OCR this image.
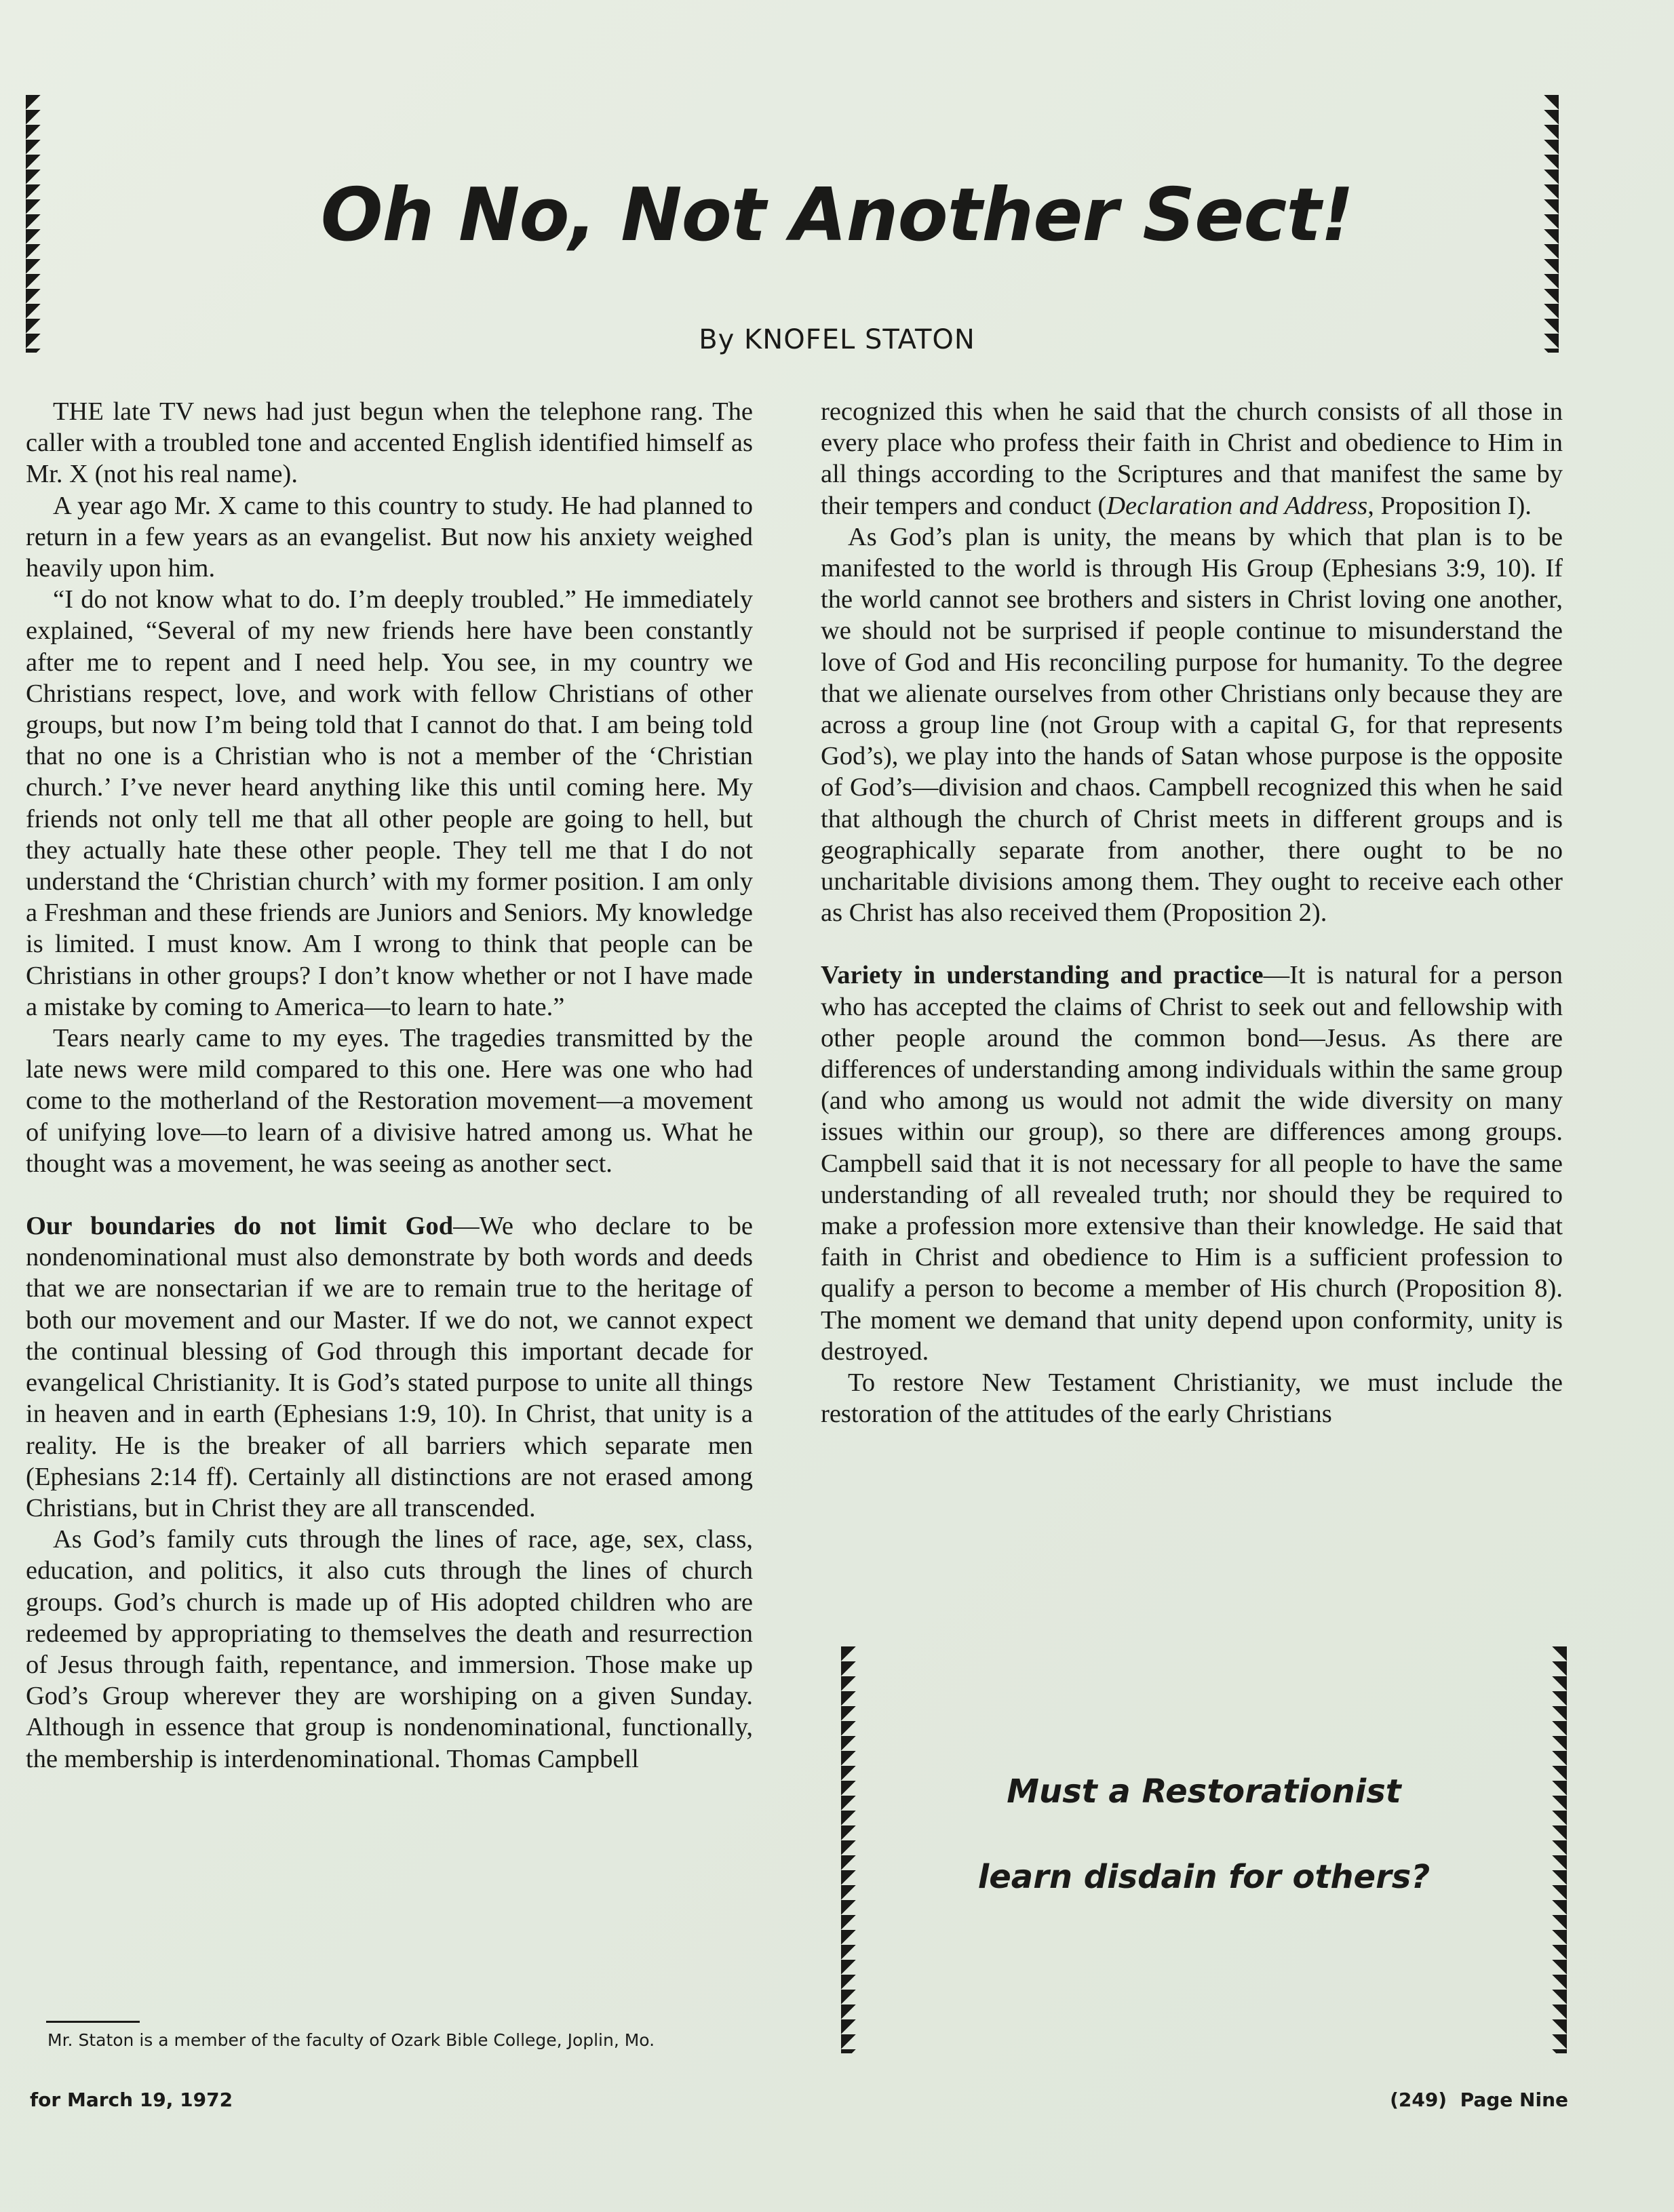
Oh No, Not Another Sect!
By KNOFEL STATON

THE late TV news had just begun when the telephone rang. The caller with a troubled tone and accented English identified himself as Mr. X (not his real name).

A year ago Mr. X came to this country to study. He had planned to return in a few years as an evangelist. But now his anxiety weighed heavily upon him.

“I do not know what to do. I’m deeply troubled.” He immediately explained, “Several of my new friends here have been constantly after me to repent and I need help. You see, in my country we Christians respect, love, and work with fellow Christians of other groups, but now I’m being told that I cannot do that. I am being told that no one is a Christian who is not a member of the ‘Christian church.’ I’ve never heard anything like this until coming here. My friends not only tell me that all other people are going to hell, but they actually hate these other people. They tell me that I do not understand the ‘Christian church’ with my former position. I am only a Freshman and these friends are Juniors and Seniors. My knowledge is limited. I must know. Am I wrong to think that people can be Christians in other groups? I don’t know whether or not I have made a mistake by coming to America—to learn to hate.”

Tears nearly came to my eyes. The tragedies transmitted by the late news were mild compared to this one. Here was one who had come to the motherland of the Restoration movement—a movement of unifying love—to learn of a divisive hatred among us. What he thought was a movement, he was seeing as another sect.

Our boundaries do not limit God—We who declare to be nondenominational must also demonstrate by both words and deeds that we are nonsectarian if we are to remain true to the heritage of both our movement and our Master. If we do not, we cannot expect the continual blessing of God through this important decade for evangelical Christianity. It is God’s stated purpose to unite all things in heaven and in earth (Ephesians 1:9, 10). In Christ, that unity is a reality. He is the breaker of all barriers which separate men (Ephesians 2:14 ff). Certainly all distinctions are not erased among Christians, but in Christ they are all transcended.

As God’s family cuts through the lines of race, age, sex, class, education, and politics, it also cuts through the lines of church groups. God’s church is made up of His adopted children who are redeemed by appropriating to themselves the death and resurrection of Jesus through faith, repentance, and immersion. Those make up God’s Group wherever they are worshiping on a given Sunday. Although in essence that group is nondenominational, functionally, the membership is interdenominational. Thomas Campbell

recognized this when he said that the church consists of all those in every place who profess their faith in Christ and obedience to Him in all things according to the Scriptures and that manifest the same by their tempers and conduct (Declaration and Address, Proposition I).

As God’s plan is unity, the means by which that plan is to be manifested to the world is through His Group (Ephesians 3:9, 10). If the world cannot see brothers and sisters in Christ loving one another, we should not be surprised if people continue to misunderstand the love of God and His reconciling purpose for humanity. To the degree that we alienate ourselves from other Christians only because they are across a group line (not Group with a capital G, for that represents God’s), we play into the hands of Satan whose purpose is the opposite of God’s—division and chaos. Campbell recognized this when he said that although the church of Christ meets in different groups and is geographically separate from another, there ought to be no uncharitable divisions among them. They ought to receive each other as Christ has also received them (Proposition 2).

Variety in understanding and practice—It is natural for a person who has accepted the claims of Christ to seek out and fellowship with other people around the common bond—Jesus. As there are differences of understanding among individuals within the same group (and who among us would not admit the wide diversity on many issues within our group), so there are differences among groups. Campbell said that it is not necessary for all people to have the same understanding of all revealed truth; nor should they be required to make a profession more extensive than their knowledge. He said that faith in Christ and obedience to Him is a sufficient profession to qualify a person to become a member of His church (Proposition 8). The moment we demand that unity depend upon conformity, unity is destroyed.

To restore New Testament Christianity, we must include the restoration of the attitudes of the early Christians

Must a Restorationist
learn disdain for others?
Mr. Staton is a member of the faculty of Ozark Bible College, Joplin, Mo.
for March 19, 1972	(249)  Page Nine
